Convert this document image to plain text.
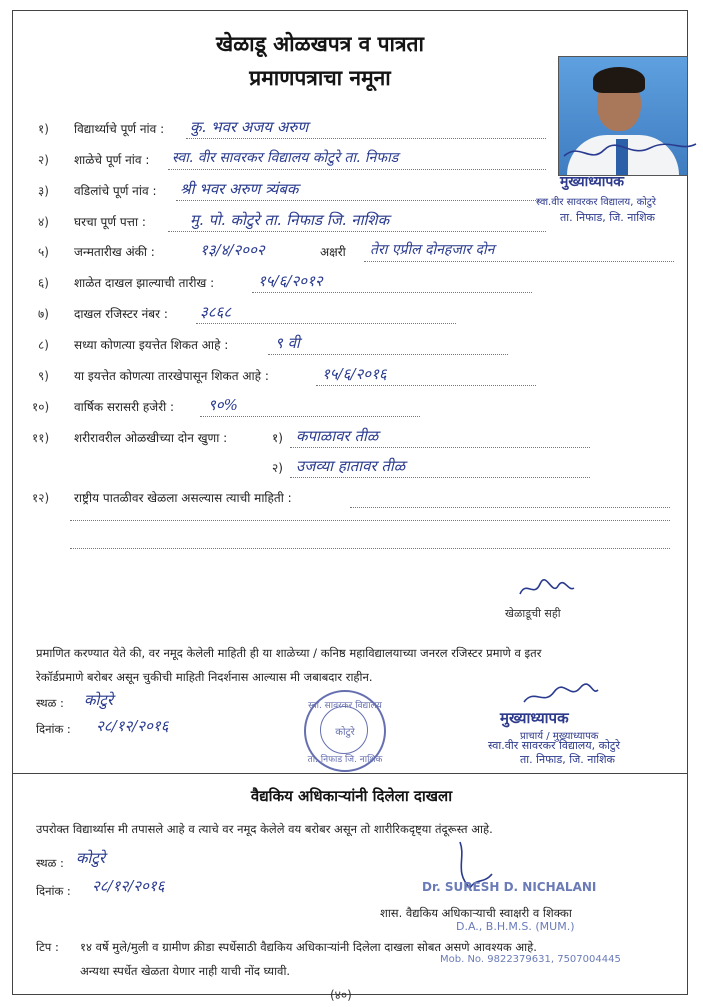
खेळाडू ओळखपत्र व पात्रता
प्रमाणपत्राचा नमूना
मुख्याध्यापक
स्वा.वीर सावरकर विद्यालय, कोटुरे
ता. निफाड, जि. नाशिक
१) विद्यार्थ्याचे पूर्ण नांव : कु. भवर अजय अरुण
२) शाळेचे पूर्ण नांव : स्वा. वीर सावरकर विद्यालय कोटुरे ता. निफाड
३) वडिलांचे पूर्ण नांव : श्री भवर अरुण त्र्यंबक
४) घरचा पूर्ण पत्ता :	मु. पो. कोटुरे ता. निफाड जि. नाशिक
५) जन्मतारीख अंकी :	१३/४/२००२	अक्षरी तेरा एप्रील दोनहजार दोन
६) शाळेत दाखल झाल्याची तारीख :	१५/६/२०१२
७) दाखल रजिस्टर नंबर : ३८६८
८) सध्या कोणत्या इयत्तेत शिकत आहे :	९ वी
९) या इयत्तेत कोणत्या तारखेपासून शिकत आहे :	१५/६/२०१६
१०) वार्षिक सरासरी हजेरी : ९०%
११) शरीरावरील ओळखीच्या दोन खुणा :	१) कपाळावर तीळ
२) उजव्या हातावर तीळ
१२) राष्ट्रीय पातळीवर खेळला असल्यास त्याची माहिती :
खेळाडूची सही
प्रमाणित करण्यात येते की, वर नमूद केलेली माहिती ही या शाळेच्या / कनिष्ठ महाविद्यालयाच्या जनरल रजिस्टर प्रमाणे व इतर
रेकॉर्डप्रमाणे बरोबर असून चुकीची माहिती निदर्शनास आल्यास मी जबाबदार राहीन.
स्थळ : कोटुरे
दिनांक : २८/१२/२०१६
स्वा. सावरकर विद्यालय
कोटुरे
ता. निफाड जि. नाशिक
मुख्याध्यापक
प्राचार्य / मुख्याध्यापक
स्वा.वीर सावरकर विद्यालय, कोटुरे
ता. निफाड, जि. नाशिक
वैद्यकिय अधिकाऱ्यांनी दिलेला दाखला
उपरोक्त विद्यार्थ्यास मी तपासले आहे व त्याचे वर नमूद केलेले वय बरोबर असून तो शारीरिकदृष्ट्या तंदूरूस्त आहे.
स्थळ : कोटुरे
दिनांक : २८/१२/२०१६	Dr. SURESH D. NICHALANI
D.A., B.H.M.S. (MUM.)
शास. वैद्यकिय अधिकाऱ्याची स्वाक्षरी व शिक्का
टिप : १४ वर्षे मुले/मुली व ग्रामीण क्रीडा स्पर्धेसाठी वैद्यकिय अधिकाऱ्यांनी दिलेला दाखला सोबत असणे आवश्यक आहे.
Mob. No. 9822379631, 7507004445
अन्यथा स्पर्धेत खेळता येणार नाही याची नोंद घ्यावी.
(४०)
